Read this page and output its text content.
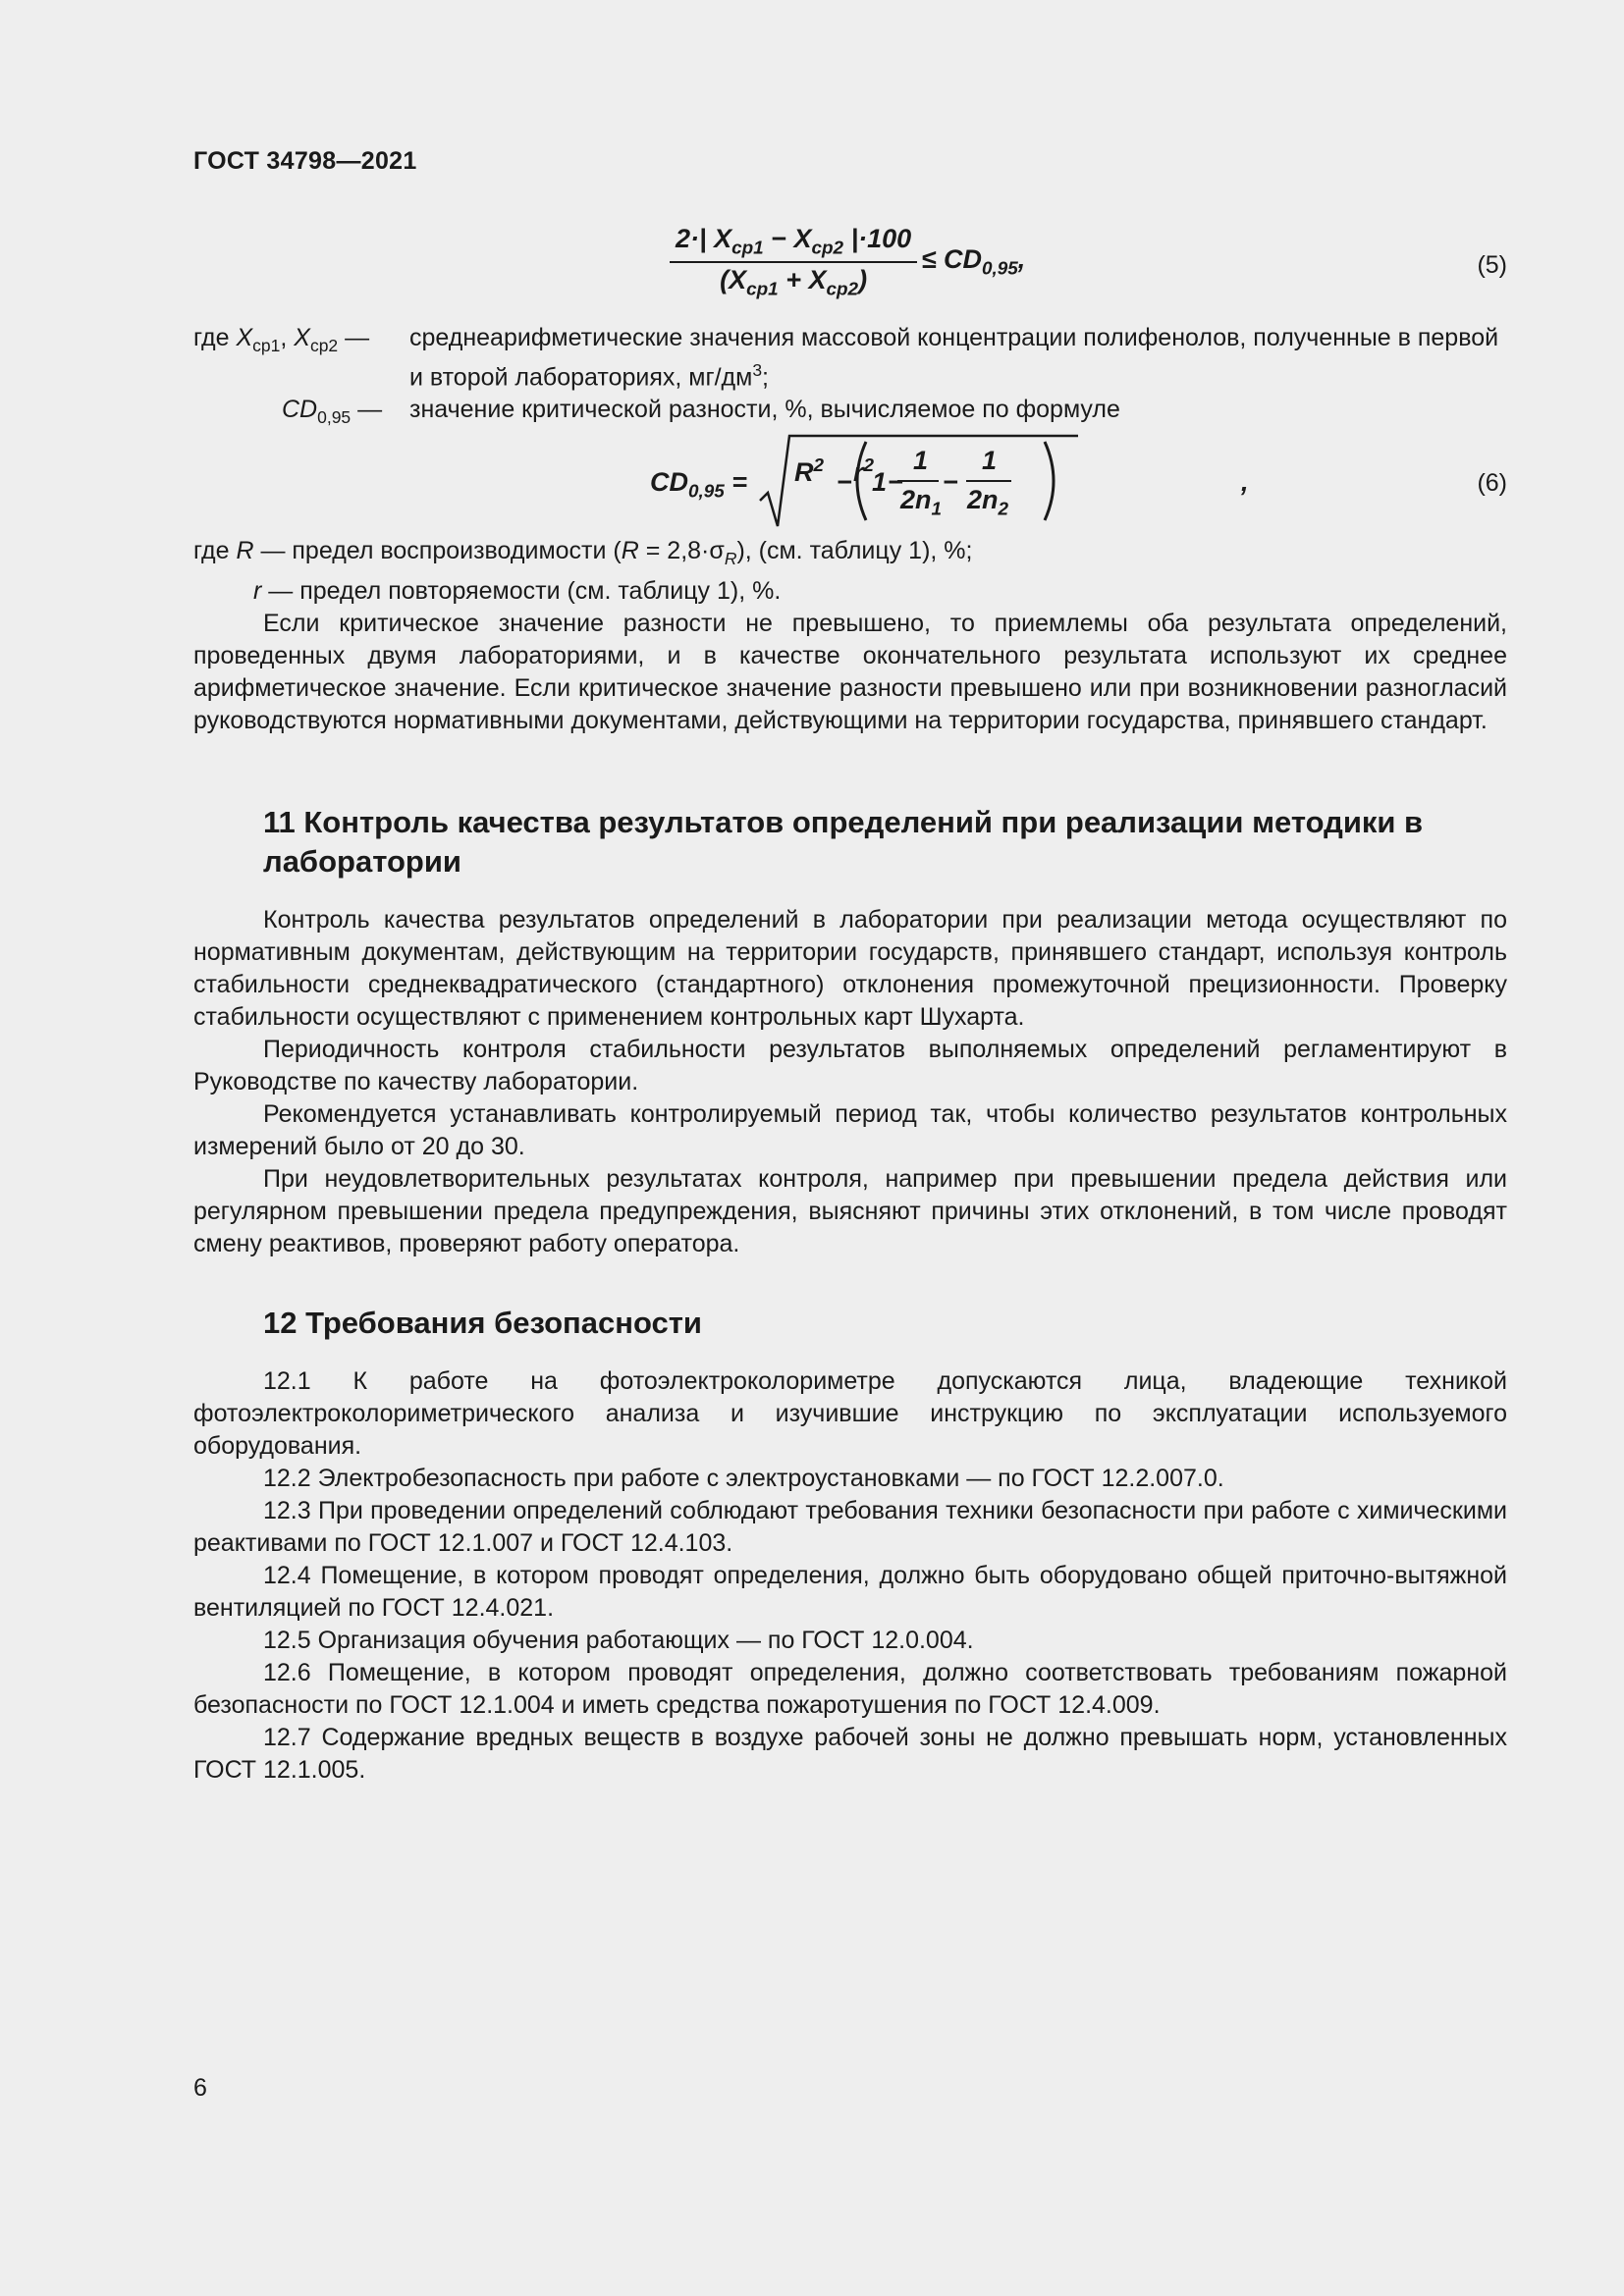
ГОСТ 34798—2021
$\frac{2\cdot| X_{ср1} - X_{ср2} |\cdot 100}{(X_{ср1} + X_{ср2})} \le CD_{0,95}$,	(5)
где $X_{ср1}$, $X_{ср2}$ — среднеарифметические значения массовой концентрации полифенолов, полученные в первой и второй лабораториях, $мг/дм^3$;
$CD_{0,95}$ — значение критической разности, %, вычисляемое по формуле
$CD_{0,95} = R^2$
− $r^2$
1 −
1
$2n_1$
−
1
$2n_2$
,	(6)
где R — предел воспроизводимости $(R = 2,8\cdot\sigma_R)$, (см. таблицу 1), %;
r — предел повторяемости (см. таблицу 1), %.

Если критическое значение разности не превышено, то приемлемы оба результата определений, проведенных двумя лабораториями, и в качестве окончательного результата используют их среднее арифметическое значение. Если критическое значение разности превышено или при возникновении разногласий руководствуются нормативными документами, действующими на территории государства, принявшего стандарт.

11 Контроль качества результатов определений при реализации методики в лаборатории

Контроль качества результатов определений в лаборатории при реализации метода осуществляют по нормативным документам, действующим на территории государств, принявшего стандарт, используя контроль стабильности среднеквадратического (стандартного) отклонения промежуточной прецизионности. Проверку стабильности осуществляют с применением контрольных карт Шухарта.

Периодичность контроля стабильности результатов выполняемых определений регламентируют в Руководстве по качеству лаборатории.

Рекомендуется устанавливать контролируемый период так, чтобы количество результатов контрольных измерений было от 20 до 30.

При неудовлетворительных результатах контроля, например при превышении предела действия или регулярном превышении предела предупреждения, выясняют причины этих отклонений, в том числе проводят смену реактивов, проверяют работу оператора.

12 Требования безопасности

12.1 К работе на фотоэлектроколориметре допускаются лица, владеющие техникой фотоэлектроколориметрического анализа и изучившие инструкцию по эксплуатации используемого оборудования.

12.2 Электробезопасность при работе с электроустановками — по ГОСТ 12.2.007.0.

12.3 При проведении определений соблюдают требования техники безопасности при работе с химическими реактивами по ГОСТ 12.1.007 и ГОСТ 12.4.103.

12.4 Помещение, в котором проводят определения, должно быть оборудовано общей приточно-вытяжной вентиляцией по ГОСТ 12.4.021.

12.5 Организация обучения работающих — по ГОСТ 12.0.004.

12.6 Помещение, в котором проводят определения, должно соответствовать требованиям пожарной безопасности по ГОСТ 12.1.004 и иметь средства пожаротушения по ГОСТ 12.4.009.

12.7 Содержание вредных веществ в воздухе рабочей зоны не должно превышать норм, установленных ГОСТ 12.1.005.

6
